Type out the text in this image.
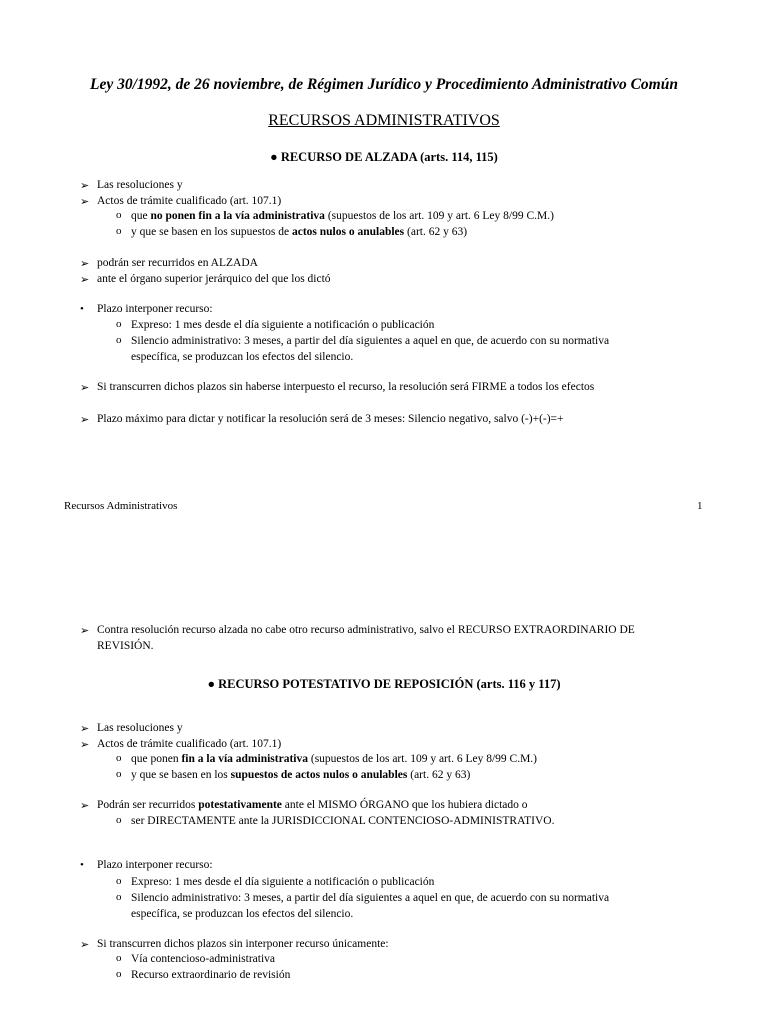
Ley 30/1992, de 26 noviembre, de Régimen Jurídico y Procedimiento Administrativo Común
RECURSOS ADMINISTRATIVOS
● RECURSO DE ALZADA (arts. 114, 115)
➢ Las resoluciones y
➢ Actos de trámite cualificado (art. 107.1)
o que no ponen fin a la vía administrativa (supuestos de los art. 109 y art. 6 Ley 8/99 C.M.)
o y que se basen en los supuestos de actos nulos o anulables (art. 62 y 63)
➢ podrán ser recurridos en ALZADA
➢ ante el órgano superior jerárquico del que los dictó
• Plazo interponer recurso:
o Expreso: 1 mes desde el día siguiente a notificación o publicación
o Silencio administrativo: 3 meses, a partir del día siguientes a aquel en que, de acuerdo con su normativa
específica, se produzcan los efectos del silencio.
➢ Si transcurren dichos plazos sin haberse interpuesto el recurso, la resolución será FIRME a todos los efectos
➢ Plazo máximo para dictar y notificar la resolución será de 3 meses: Silencio negativo, salvo (-)+(-)=+
Recursos Administrativos	1
➢ Contra resolución recurso alzada no cabe otro recurso administrativo, salvo el RECURSO EXTRAORDINARIO DE
REVISIÓN.
● RECURSO POTESTATIVO DE REPOSICIÓN (arts. 116 y 117)
➢ Las resoluciones y
➢ Actos de trámite cualificado (art. 107.1)
o que ponen fin a la vía administrativa (supuestos de los art. 109 y art. 6 Ley 8/99 C.M.)
o y que se basen en los supuestos de actos nulos o anulables (art. 62 y 63)
➢ Podrán ser recurridos potestativamente ante el MISMO ÓRGANO que los hubiera dictado o
o ser DIRECTAMENTE ante la JURISDICCIONAL CONTENCIOSO-ADMINISTRATIVO.
• Plazo interponer recurso:
o Expreso: 1 mes desde el día siguiente a notificación o publicación
o Silencio administrativo: 3 meses, a partir del día siguientes a aquel en que, de acuerdo con su normativa
específica, se produzcan los efectos del silencio.
➢ Si transcurren dichos plazos sin interponer recurso únicamente:
o Vía contencioso-administrativa
o Recurso extraordinario de revisión
